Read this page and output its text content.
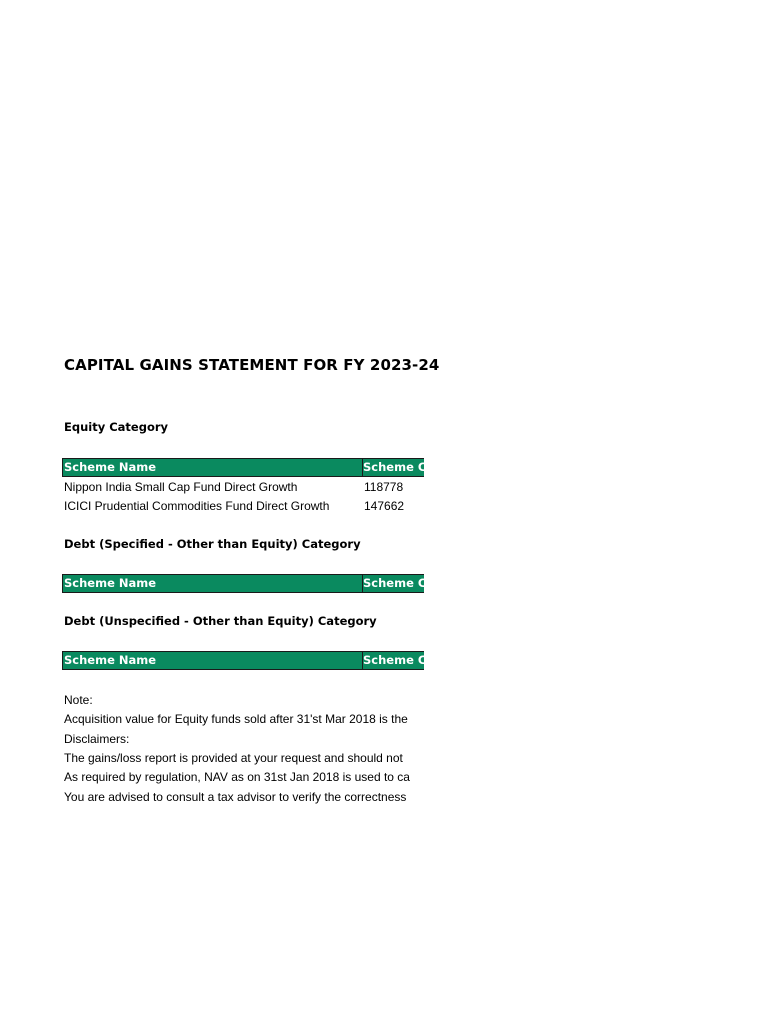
CAPITAL GAINS STATEMENT FOR FY 2023-24
Equity Category
Scheme Name	Scheme Co
Nippon India Small Cap Fund Direct Growth	118778
ICICI Prudential Commodities Fund Direct Growth	147662
Debt (Specified - Other than Equity) Category
Scheme Name	Scheme Co
Debt (Unspecified - Other than Equity) Category
Scheme Name	Scheme Co
Note:
Acquisition value for Equity funds sold after 31'st Mar 2018 is the
Disclaimers:
The gains/loss report is provided at your request and should not
As required by regulation, NAV as on 31st Jan 2018 is used to ca
You are advised to consult a tax advisor to verify the correctness
